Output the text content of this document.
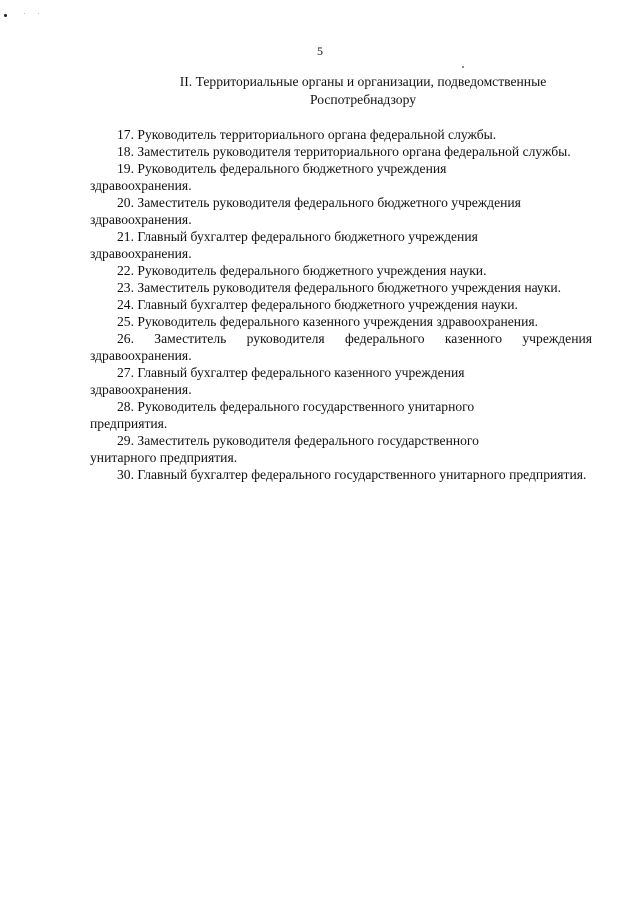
5
II. Территориальные органы и организации, подведомственные
Роспотребнадзору

17. Руководитель территориального органа федеральной службы.

18. Заместитель руководителя территориального органа федеральной службы.

19. Руководитель федерального бюджетного учреждения
здравоохранения.

20. Заместитель руководителя федерального бюджетного учреждения
здравоохранения.

21. Главный бухгалтер федерального бюджетного учреждения
здравоохранения.

22. Руководитель федерального бюджетного учреждения науки.

23. Заместитель руководителя федерального бюджетного учреждения науки.

24. Главный бухгалтер федерального бюджетного учреждения науки.

25. Руководитель федерального казенного учреждения здравоохранения.

26. Заместитель руководителя федерального казенного учреждения здравоохранения.

27. Главный бухгалтер федерального казенного учреждения
здравоохранения.

28. Руководитель федерального государственного унитарного
предприятия.

29. Заместитель руководителя федерального государственного
унитарного предприятия.

30. Главный бухгалтер федерального государственного унитарного предприятия.
